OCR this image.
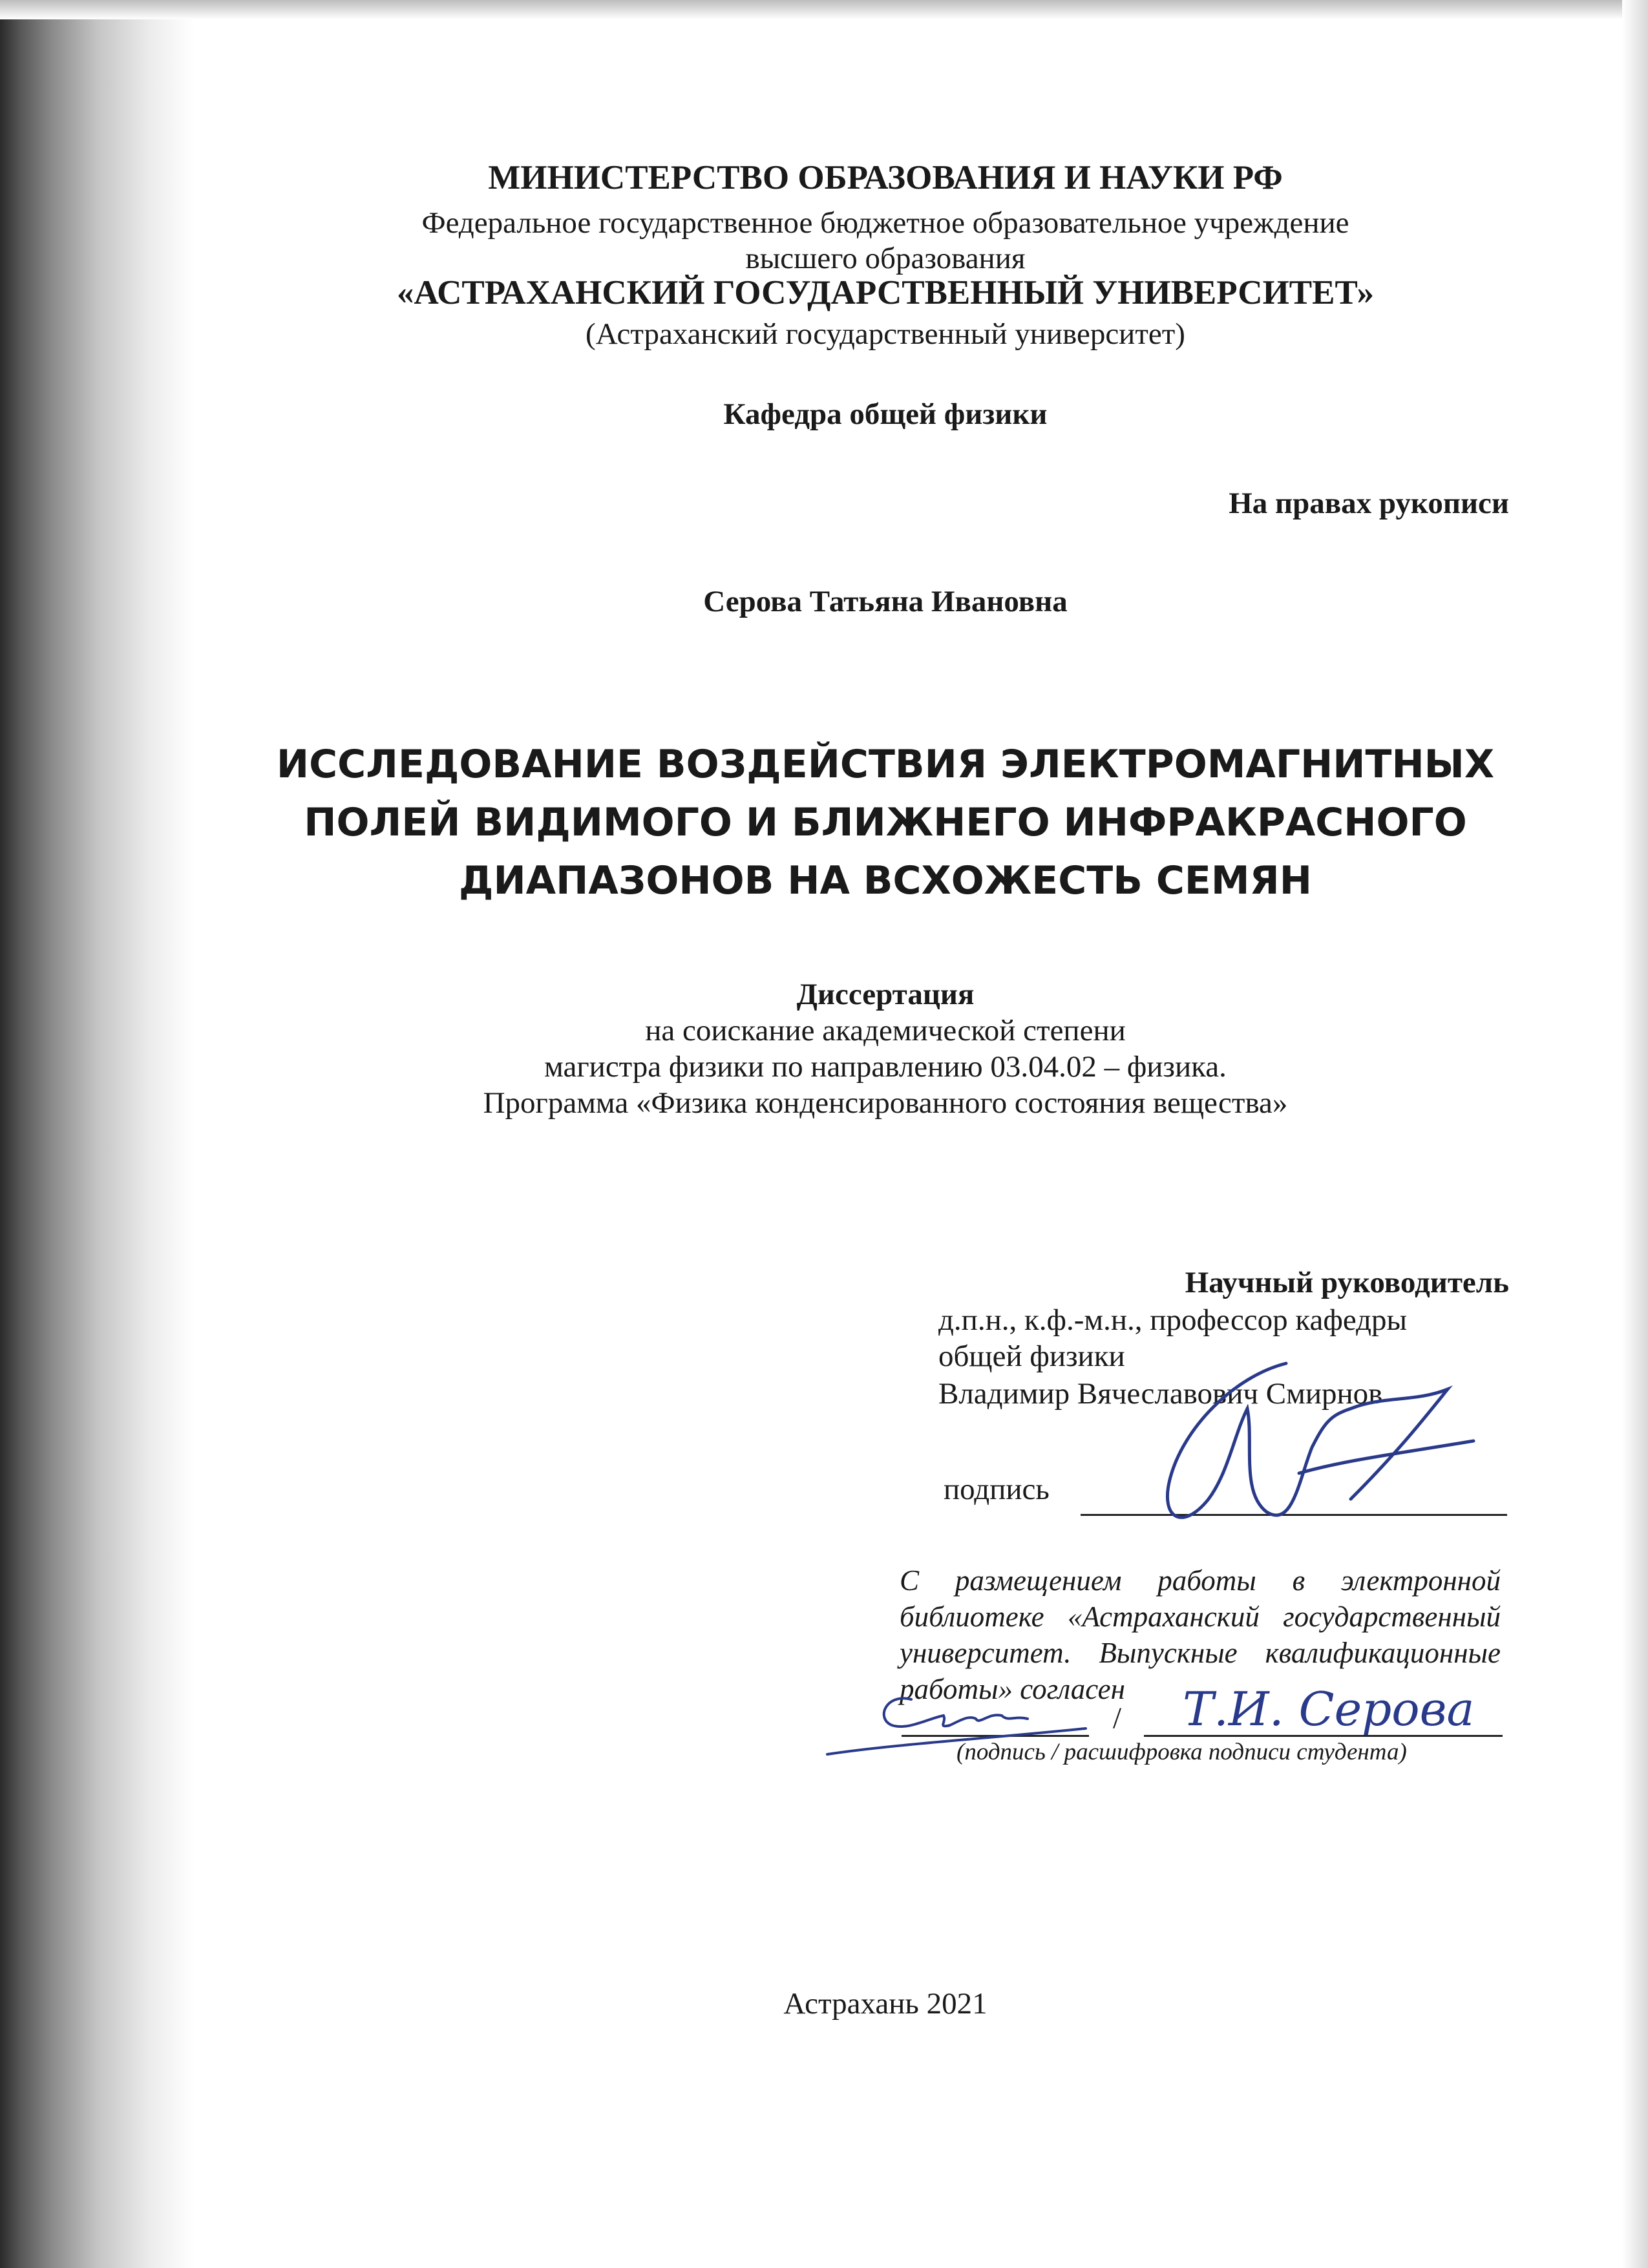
МИНИСТЕРСТВО ОБРАЗОВАНИЯ И НАУКИ РФ
Федеральное государственное бюджетное образовательное учреждение
высшего образования
«АСТРАХАНСКИЙ ГОСУДАРСТВЕННЫЙ УНИВЕРСИТЕТ»
(Астраханский государственный университет)
Кафедра общей физики
На правах рукописи
Серова Татьяна Ивановна
ИССЛЕДОВАНИЕ ВОЗДЕЙСТВИЯ ЭЛЕКТРОМАГНИТНЫХ
ПОЛЕЙ ВИДИМОГО И БЛИЖНЕГО ИНФРАКРАСНОГО
ДИАПАЗОНОВ НА ВСХОЖЕСТЬ СЕМЯН
Диссертация
на соискание академической степени
магистра физики по направлению 03.04.02 – физика.
Программа «Физика конденсированного состояния вещества»
Научный руководитель
д.п.н., к.ф.-м.н., профессор кафедры
общей физики
Владимир Вячеславович Смирнов
подпись
С размещением работы в электронной библиотеке «Астраханский государственный университет. Выпускные квалификационные работы» согласен
/ Т.И. Серова
(подпись / расшифровка подписи студента)
Астрахань 2021
